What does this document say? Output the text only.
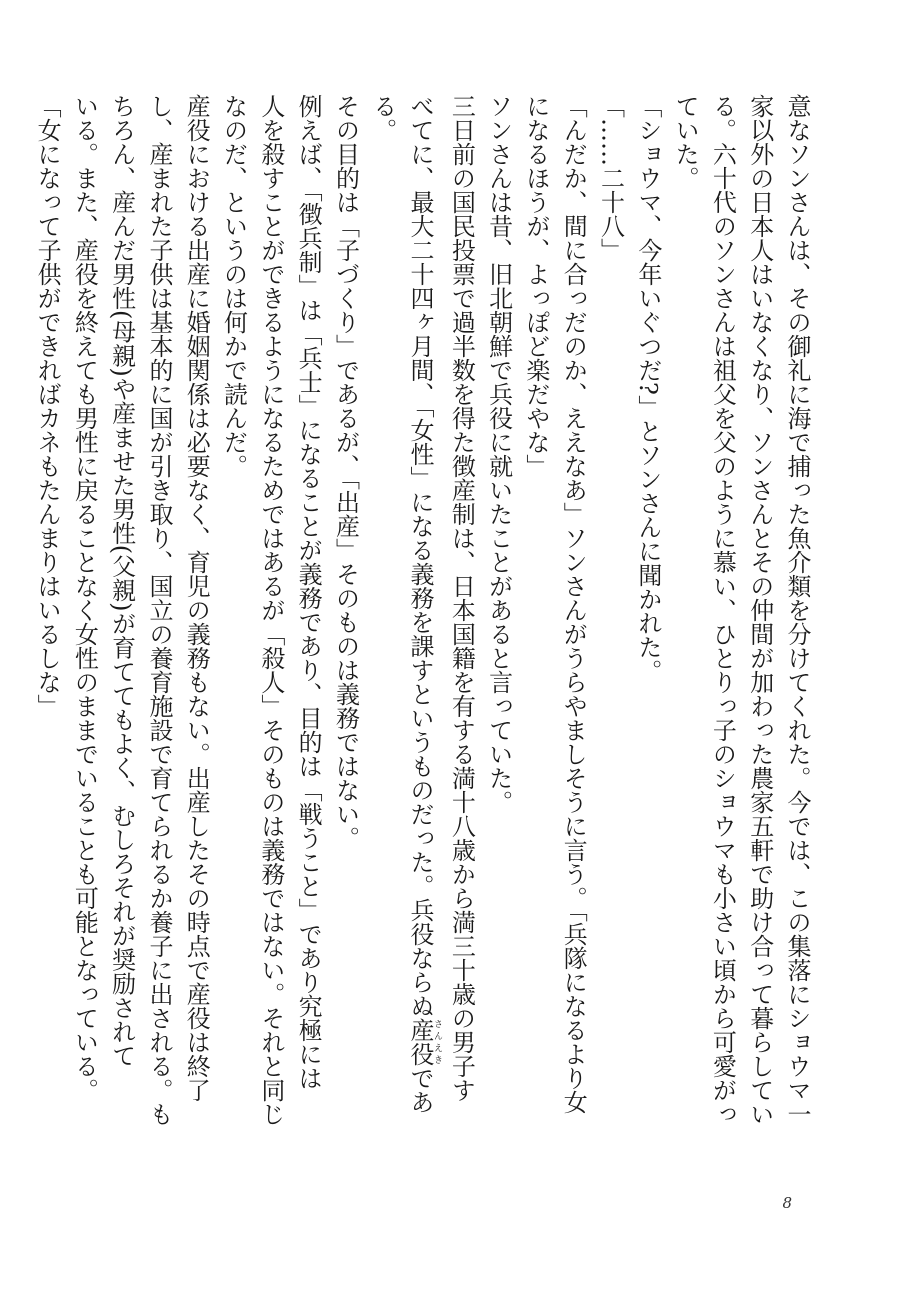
意なソンさんは、その御礼に海で捕った魚介類を分けてくれた。今では、この集落にショウマ一

家以外の日本人はいなくなり、ソンさんとその仲間が加わった農家五軒で助け合って暮らしてい

る。六十代のソンさんは祖父を父のように慕い、ひとりっ子のショウマも小さい頃から可愛がっ

ていた。

「ショウマ、今年いぐつだ?」とソンさんに聞かれた。

「……二十八」

「んだか、間に合っだのか、ええなあ」ソンさんがうらやましそうに言う。「兵隊になるより女

になるほうが、よっぽど楽だやな」

ソンさんは昔、旧北朝鮮で兵役に就いたことがあると言っていた。

三日前の国民投票で過半数を得た徴産制は、日本国籍を有する満十八歳から満三十歳の男子す

べてに、最大二十四ヶ月間、「女性」になる義務を課すというものだった。兵役ならぬ産役さんえきであ

る。

その目的は「子づくり」であるが、「出産」そのものは義務ではない。

例えば、「徴兵制」は「兵士」になることが義務であり、目的は「戦うこと」であり究極には

人を殺すことができるようになるためではあるが「殺人」そのものは義務ではない。それと同じ

なのだ、というのは何かで読んだ。

産役における出産に婚姻関係は必要なく、育児の義務もない。出産したその時点で産役は終了

し、産まれた子供は基本的に国が引き取り、国立の養育施設で育てられるか養子に出される。も

ちろん、産んだ男性(母親)や産ませた男性(父親)が育ててもよく、むしろそれが奨励されて

いる。また、産役を終えても男性に戻ることなく女性のままでいることも可能となっている。

「女になって子供ができればカネもたんまりはいるしな」

8
